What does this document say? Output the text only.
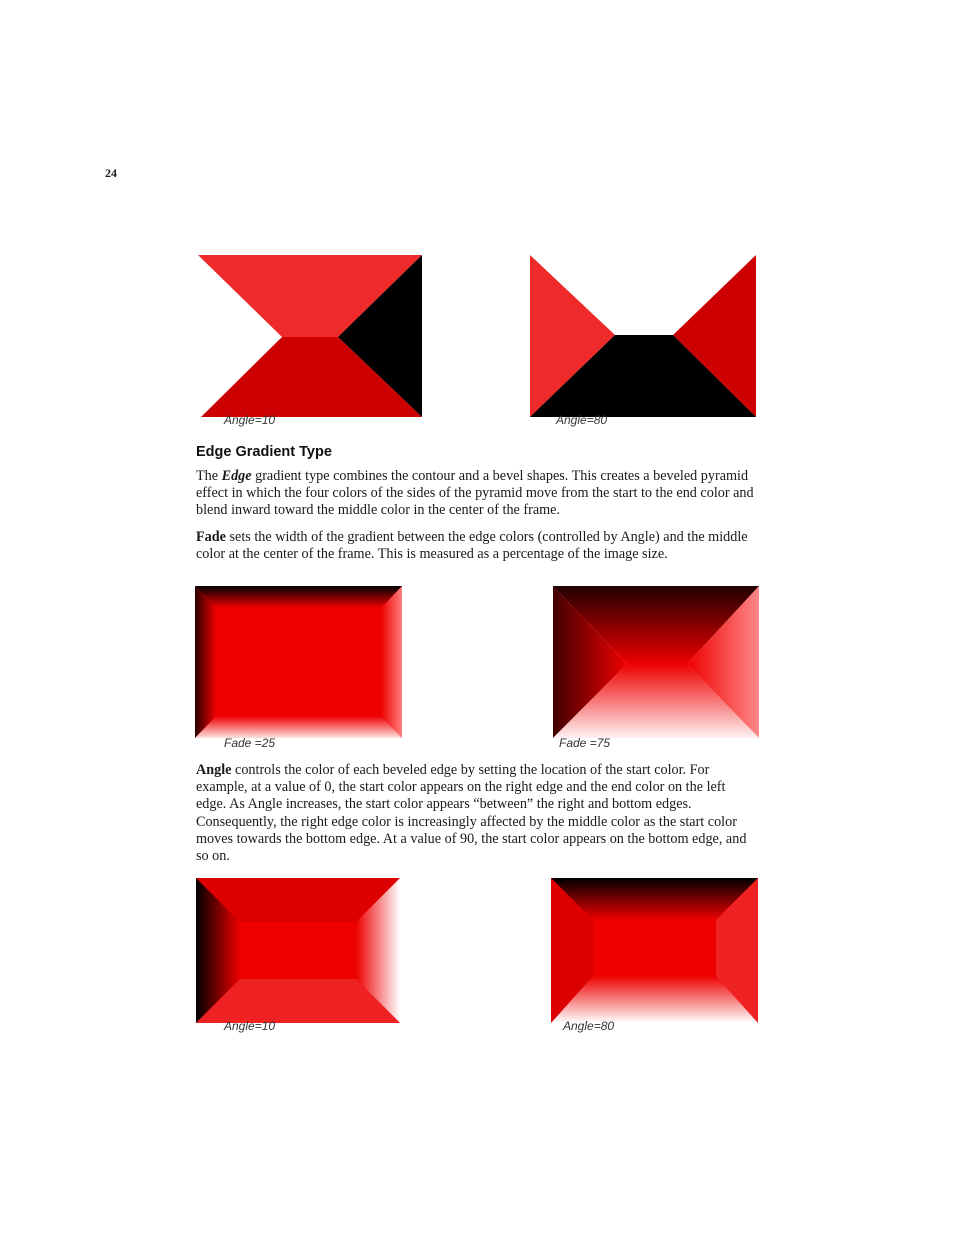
24
Angle=10	Angle=80
Edge Gradient Type

The Edge gradient type combines the contour and a bevel shapes. This creates a beveled pyramid effect in which the four colors of the sides of the pyramid move from the start to the end color and blend inward toward the middle color in the center of the frame.

Fade sets the width of the gradient between the edge colors (controlled by Angle) and the middle color at the center of the frame. This is measured as a percentage of the image size.

Fade =25	Fade =75

Angle controls the color of each beveled edge by setting the location of the start color. For example, at a value of 0, the start color appears on the right edge and the end color on the left edge. As Angle increases, the start color appears “between” the right and bottom edges. Consequently, the right edge color is increasingly affected by the middle color as the start color moves towards the bottom edge. At a value of 90, the start color appears on the bottom edge, and so on.

Angle=10	Angle=80
